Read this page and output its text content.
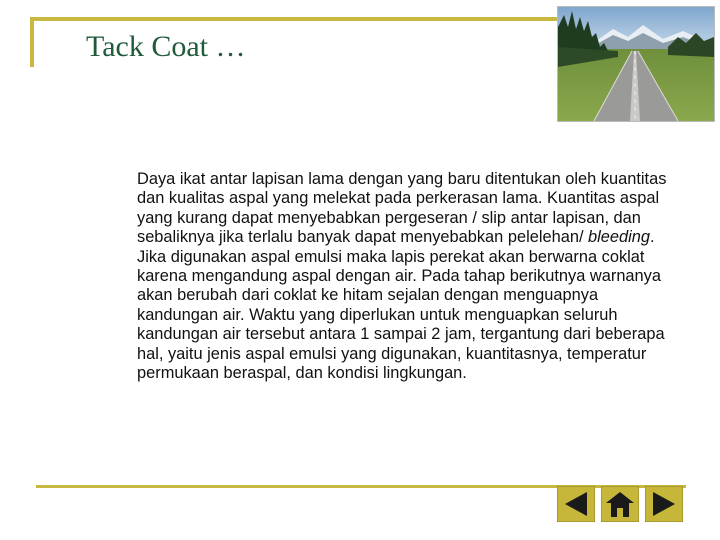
Tack Coat …

Daya ikat antar lapisan lama dengan yang baru ditentukan oleh kuantitas dan kualitas aspal yang melekat pada perkerasan lama. Kuantitas aspal yang kurang dapat menyebabkan pergeseran / slip antar lapisan, dan sebaliknya jika terlalu banyak dapat menyebabkan pelelehan/ bleeding. Jika digunakan aspal emulsi maka lapis perekat akan berwarna coklat karena mengandung aspal dengan air. Pada tahap berikutnya warnanya akan berubah dari coklat ke hitam sejalan dengan menguapnya kandungan air. Waktu yang diperlukan untuk menguapkan seluruh kandungan air tersebut antara 1 sampai 2 jam, tergantung dari beberapa hal, yaitu jenis aspal emulsi yang digunakan, kuantitasnya, temperatur permukaan beraspal, dan kondisi lingkungan.
